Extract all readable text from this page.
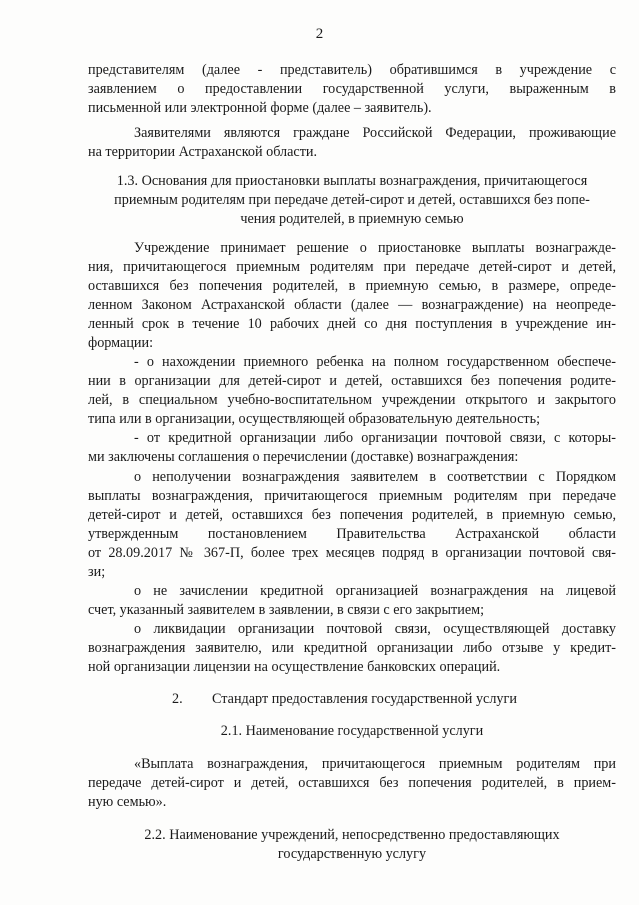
2
представителям (далее - представитель) обратившимся в учреждение с
заявлением о предоставлении государственной услуги, выраженным в
письменной или электронной форме (далее – заявитель).
Заявителями являются граждане Российской Федерации, проживающие
на территории Астраханской области.
1.3. Основания для приостановки выплаты вознаграждения, причитающегося
приемным родителям при передаче детей-сирот и детей, оставшихся без попе-
чения родителей, в приемную семью
Учреждение принимает решение о приостановке выплаты вознагражде-
ния, причитающегося приемным родителям при передаче детей-сирот и детей,
оставшихся без попечения родителей, в приемную семью, в размере, опреде-
ленном Законом Астраханской области (далее — вознаграждение) на неопреде-
ленный срок в течение 10 рабочих дней со дня поступления в учреждение ин-
формации:
- о нахождении приемного ребенка на полном государственном обеспече-
нии в организации для детей-сирот и детей, оставшихся без попечения родите-
лей, в специальном учебно-воспитательном учреждении открытого и закрытого
типа или в организации, осуществляющей образовательную деятельность;
- от кредитной организации либо организации почтовой связи, с которы-
ми заключены соглашения о перечислении (доставке) вознаграждения:
о неполучении вознаграждения заявителем в соответствии с Порядком
выплаты вознаграждения, причитающегося приемным родителям при передаче
детей-сирот и детей, оставшихся без попечения родителей, в приемную семью,
утвержденным постановлением Правительства Астраханской области
от 28.09.2017 № 367-П, более трех месяцев подряд в организации почтовой свя-
зи;
о не зачислении кредитной организацией вознаграждения на лицевой
счет, указанный заявителем в заявлении, в связи с его закрытием;
о ликвидации организации почтовой связи, осуществляющей доставку
вознаграждения заявителю, или кредитной организации либо отзыве у кредит-
ной организации лицензии на осуществление банковских операций.
2. Стандарт предоставления государственной услуги
2.1. Наименование государственной услуги
«Выплата вознаграждения, причитающегося приемным родителям при
передаче детей-сирот и детей, оставшихся без попечения родителей, в прием-
ную семью».
2.2. Наименование учреждений, непосредственно предоставляющих
государственную услугу
